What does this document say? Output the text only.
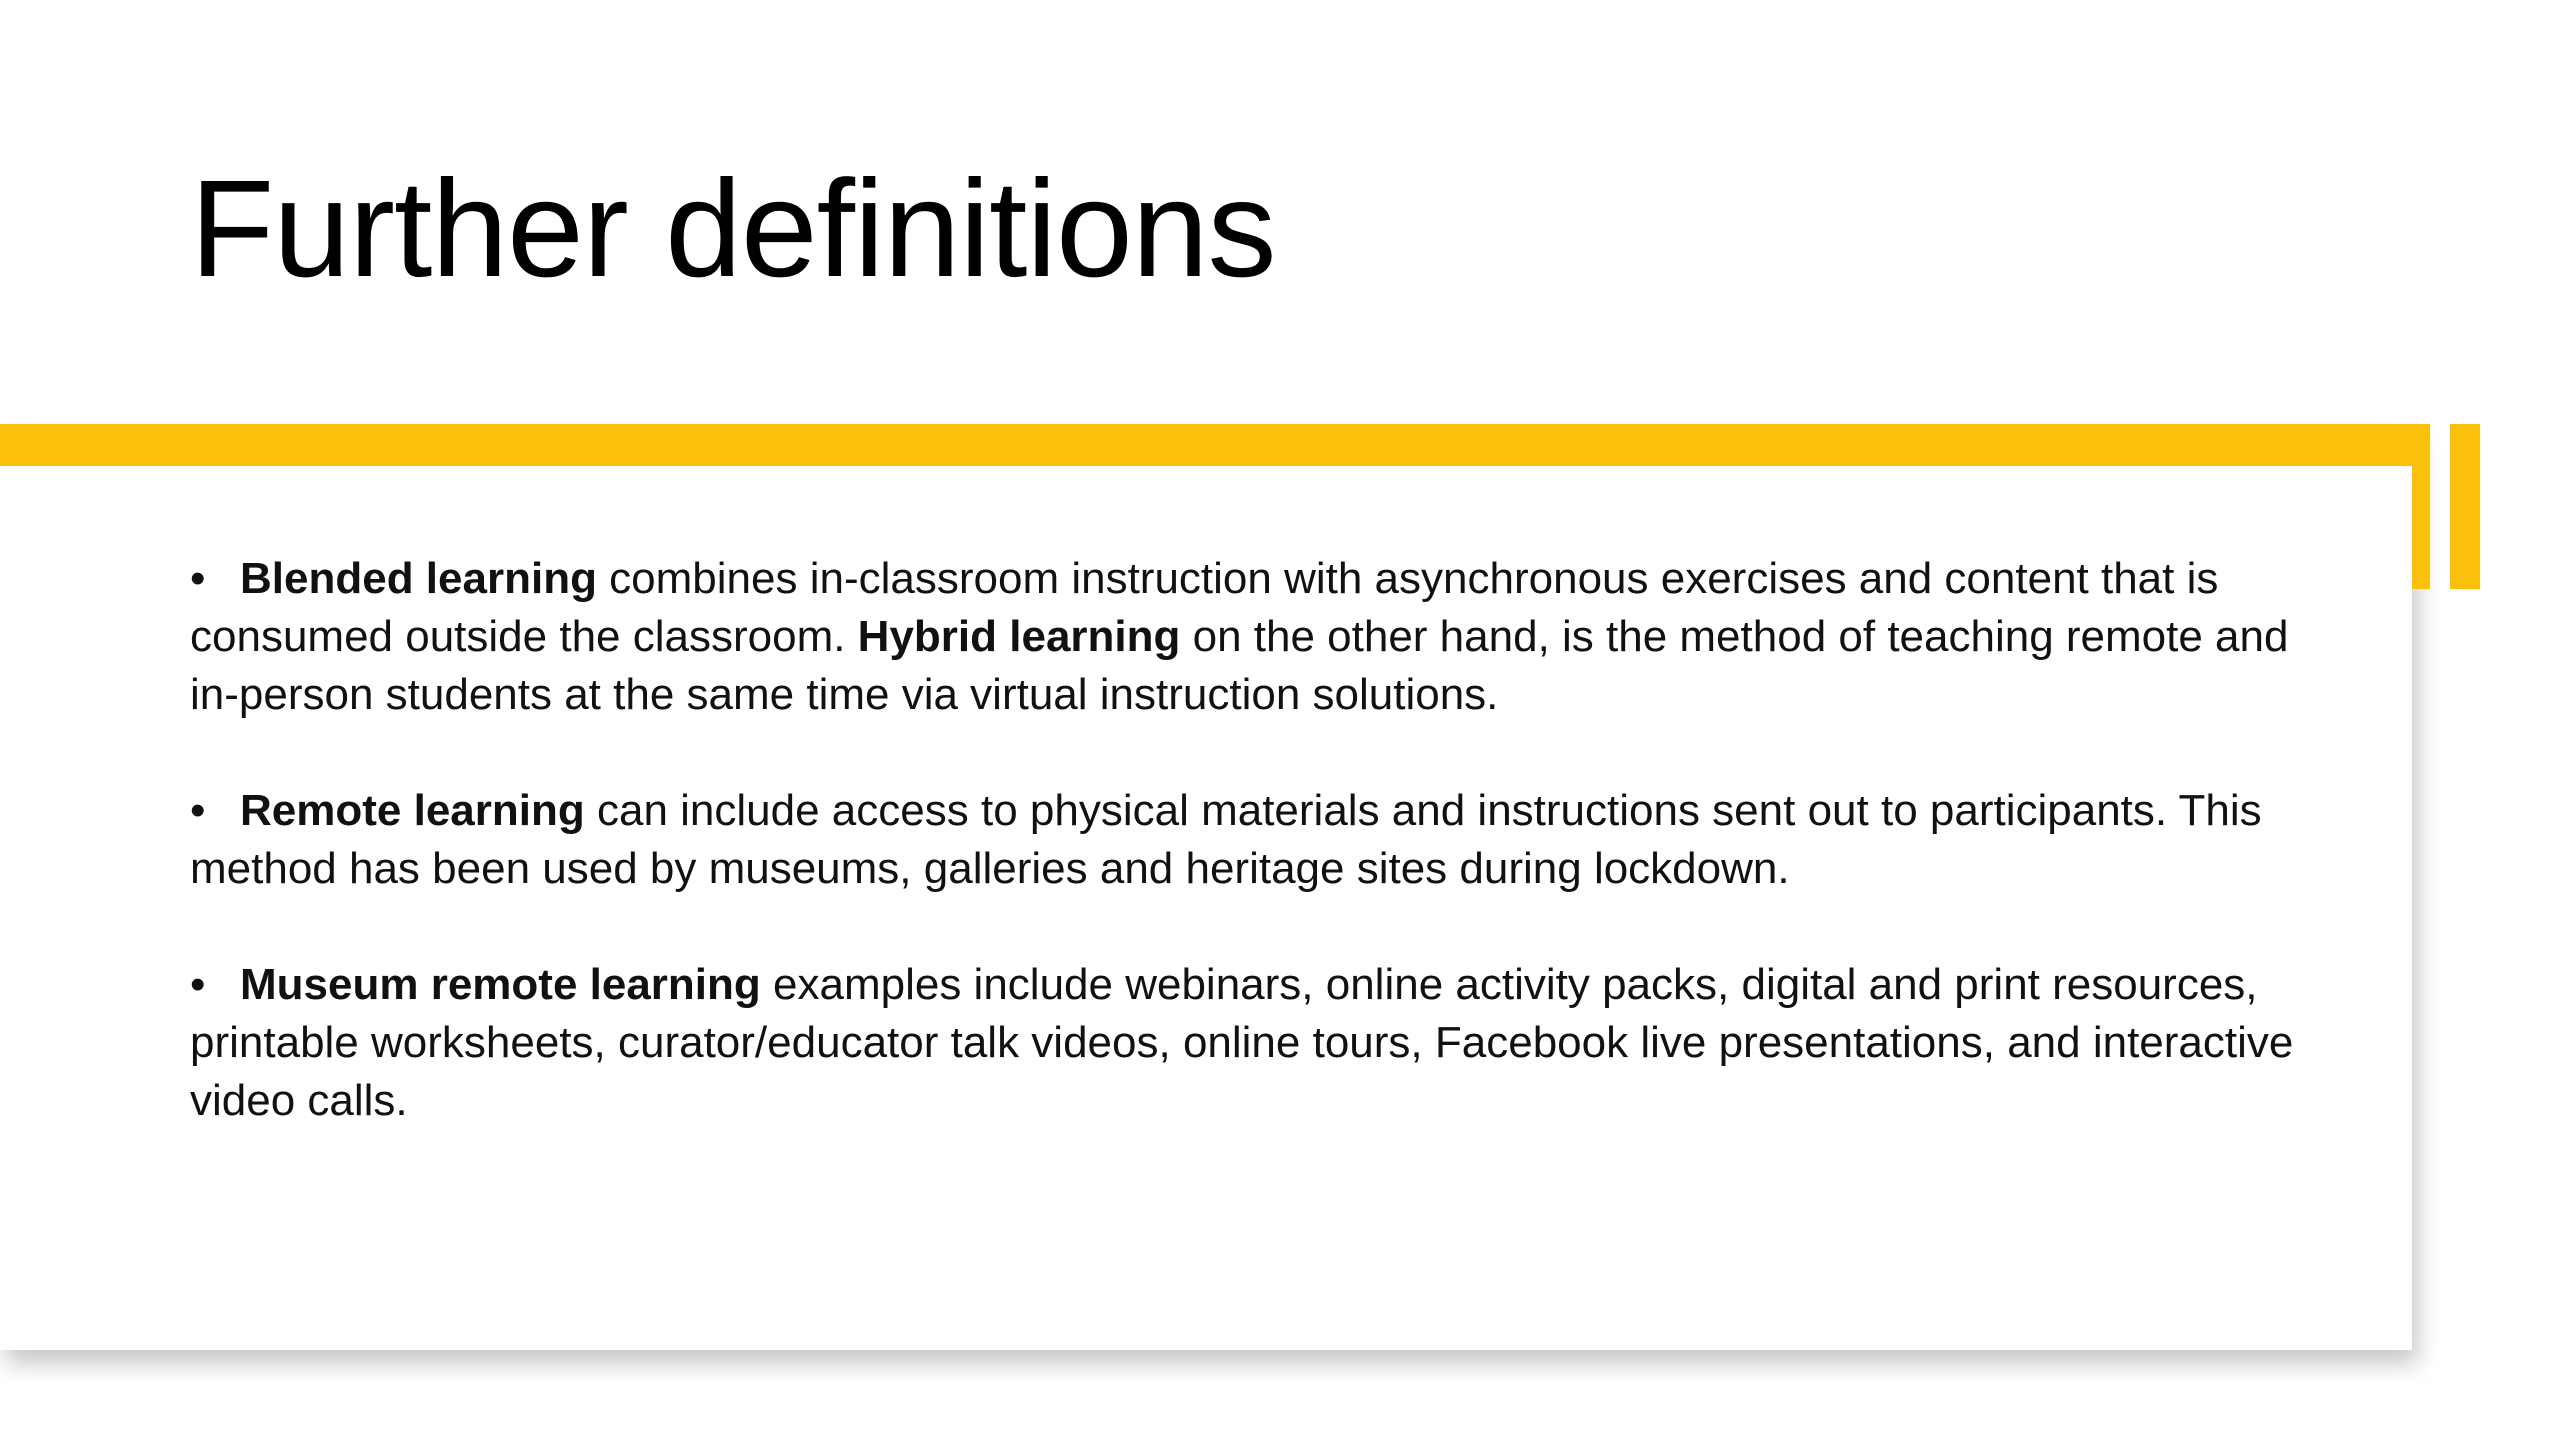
Further definitions

• Blended learning combines in-classroom instruction with asynchronous exercises and content that is consumed outside the classroom. Hybrid learning on the other hand, is the method of teaching remote and in-person students at the same time via virtual instruction solutions.

• Remote learning can include access to physical materials and instructions sent out to participants. This method has been used by museums, galleries and heritage sites during lockdown.

• Museum remote learning examples include webinars, online activity packs, digital and print resources, printable worksheets, curator/educator talk videos, online tours, Facebook live presentations, and interactive video calls.
